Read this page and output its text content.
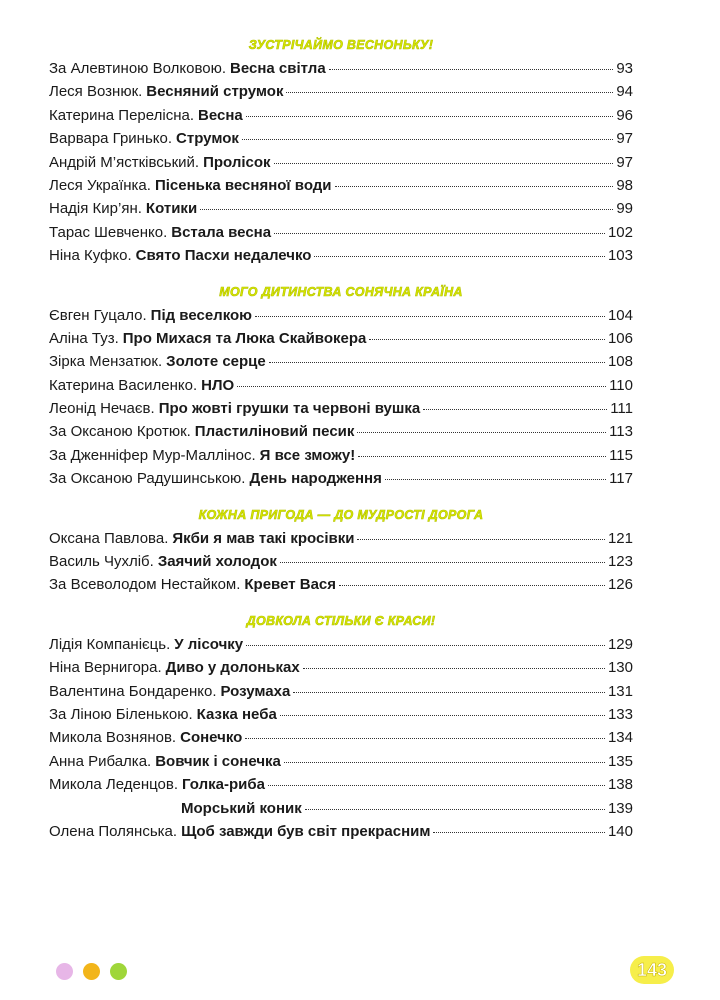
ЗУСТРІЧАЙМО ВЕСНОНЬКУ!
За Алевтиною Волковою. Весна світла	93
Леся Вознюк. Весняний струмок	94
Катерина Перелісна. Весна	96
Варвара Гринько. Струмок	97
Андрій М’ястківський. Пролісок	97
Леся Українка. Пісенька весняної води	98
Надія Кир’ян. Котики	99
Тарас Шевченко. Встала весна	102
Ніна Куфко. Свято Пасхи недалечко	103
МОГО ДИТИНСТВА СОНЯЧНА КРАЇНА
Євген Гуцало. Під веселкою	104
Аліна Туз. Про Михася та Люка Скайвокера	106
Зірка Мензатюк. Золоте серце	108
Катерина Василенко. НЛО	110
Леонід Нечаєв. Про жовті грушки та червоні вушка	111
За Оксаною Кротюк. Пластиліновий песик	113
За Дженніфер Мур-Маллінос. Я все зможу!	115
За Оксаною Радушинською. День народження	117
КОЖНА ПРИГОДА — ДО МУДРОСТІ ДОРОГА
Оксана Павлова. Якби я мав такі кросівки	121
Василь Чухліб. Заячий холодок	123
За Всеволодом Нестайком. Кревет Вася	126
ДОВКОЛА СТІЛЬКИ Є КРАСИ!
Лідія Компанієць. У лісочку	129
Ніна Вернигора. Диво у долоньках	130
Валентина Бондаренко. Розумаха	131
За Ліною Біленькою. Казка неба	133
Микола Вознянов. Сонечко	134
Анна Рибалка. Вовчик і сонечка	135
Микола Леденцов. Голка-риба	138
Морський коник	139
Олена Полянська. Щоб завжди був світ прекрасним	140
143
